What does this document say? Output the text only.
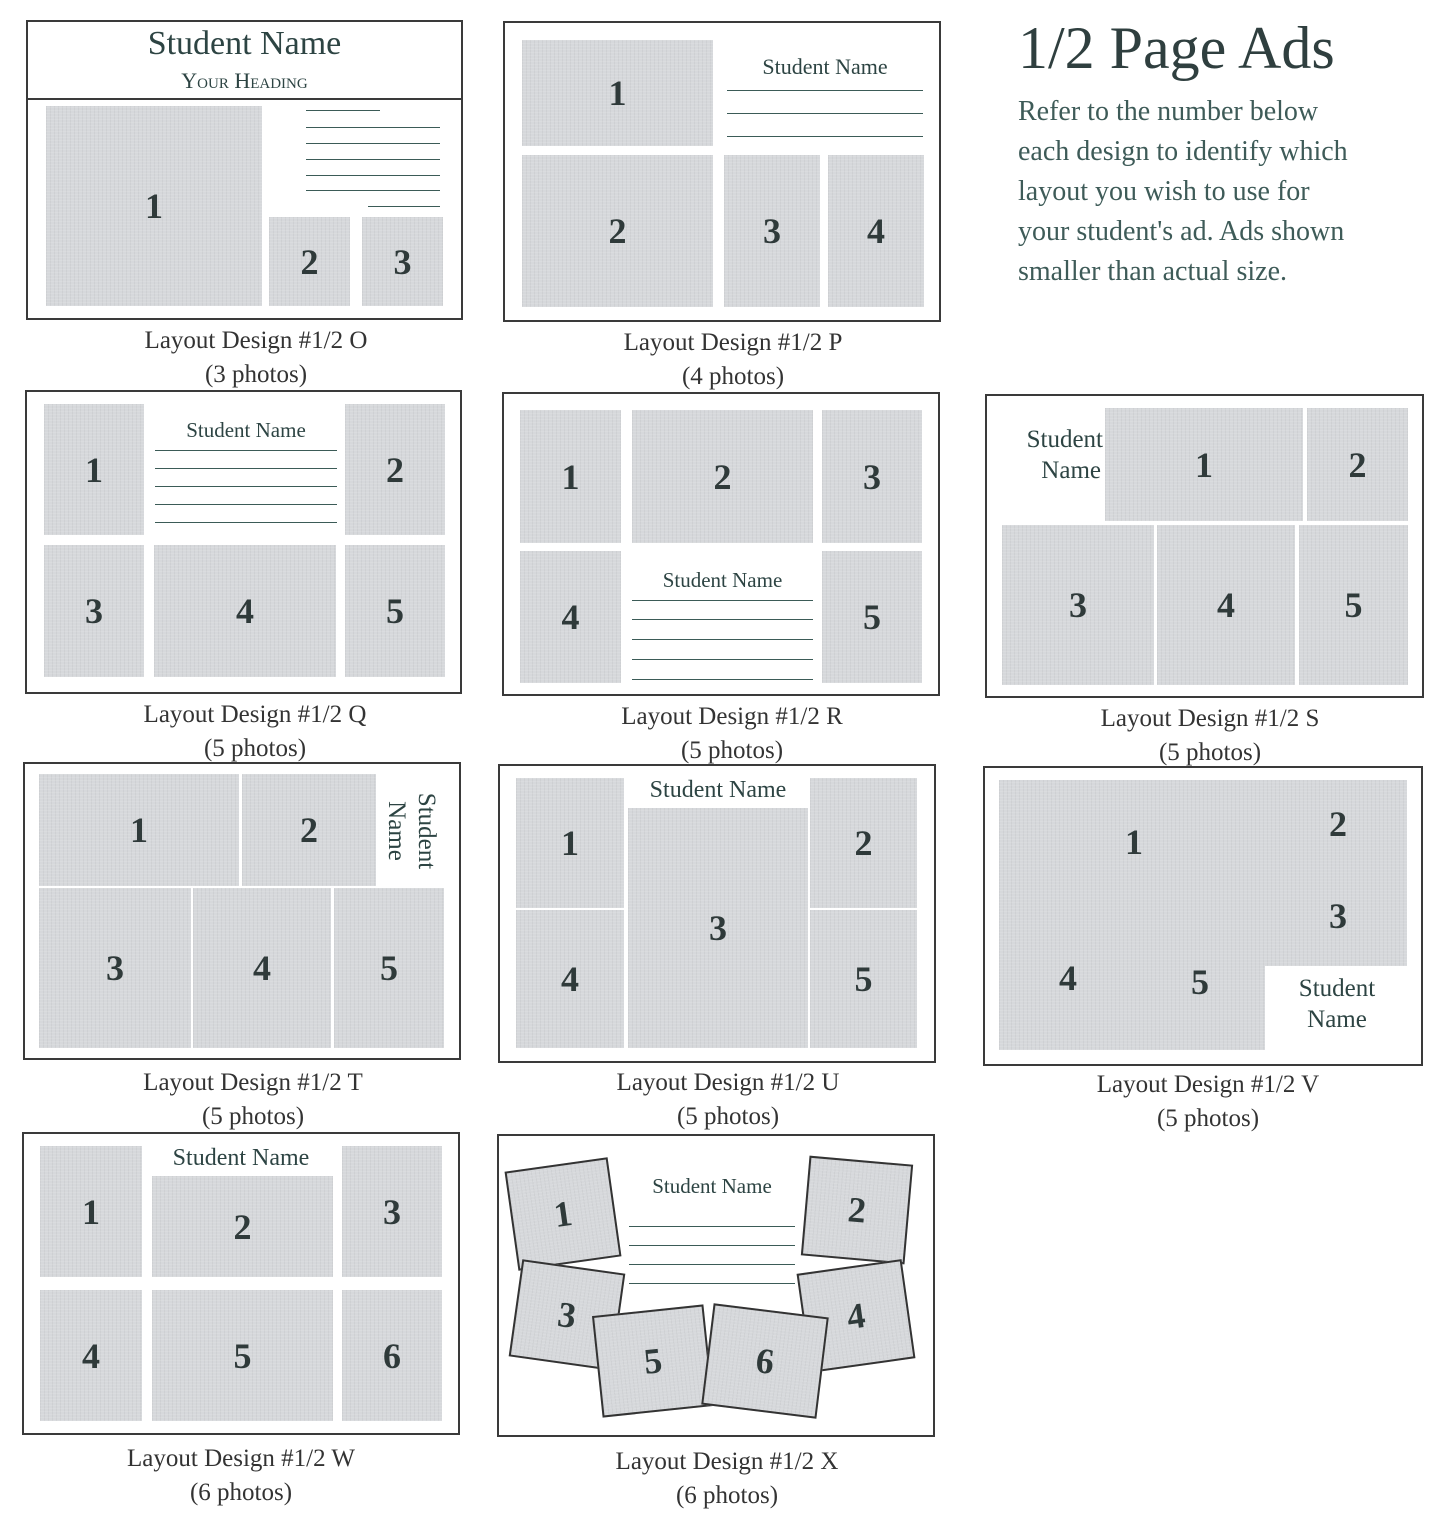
1/2 Page Ads
Refer to the number below
each design to identify which
layout you wish to use for
your student's ad. Ads shown
smaller than actual size.
Student Name
Your Heading
1
2 3
Layout Design #1/2 O
(3 photos)
1
Student Name
2	3 4
Layout Design #1/2 P
(4 photos)
1
Student Name
2
3	4	5
Layout Design #1/2 Q
(5 photos)
1	2	3
4
Student Name
5
Layout Design #1/2 R
(5 photos)
Student
Name	1	2
3	4	5
Layout Design #1/2 S
(5 photos)
1	2	Student
Name
3	4	5
Layout Design #1/2 T
(5 photos)
1
Student Name
3
2
4	5
Layout Design #1/2 U
(5 photos)
1	2
3
4	5	Student
Name
Layout Design #1/2 V
(5 photos)
1
Student Name
2	3
4	5	6
Layout Design #1/2 W
(6 photos)
Student Name
1
3
2
4
5 6
Layout Design #1/2 X
(6 photos)
